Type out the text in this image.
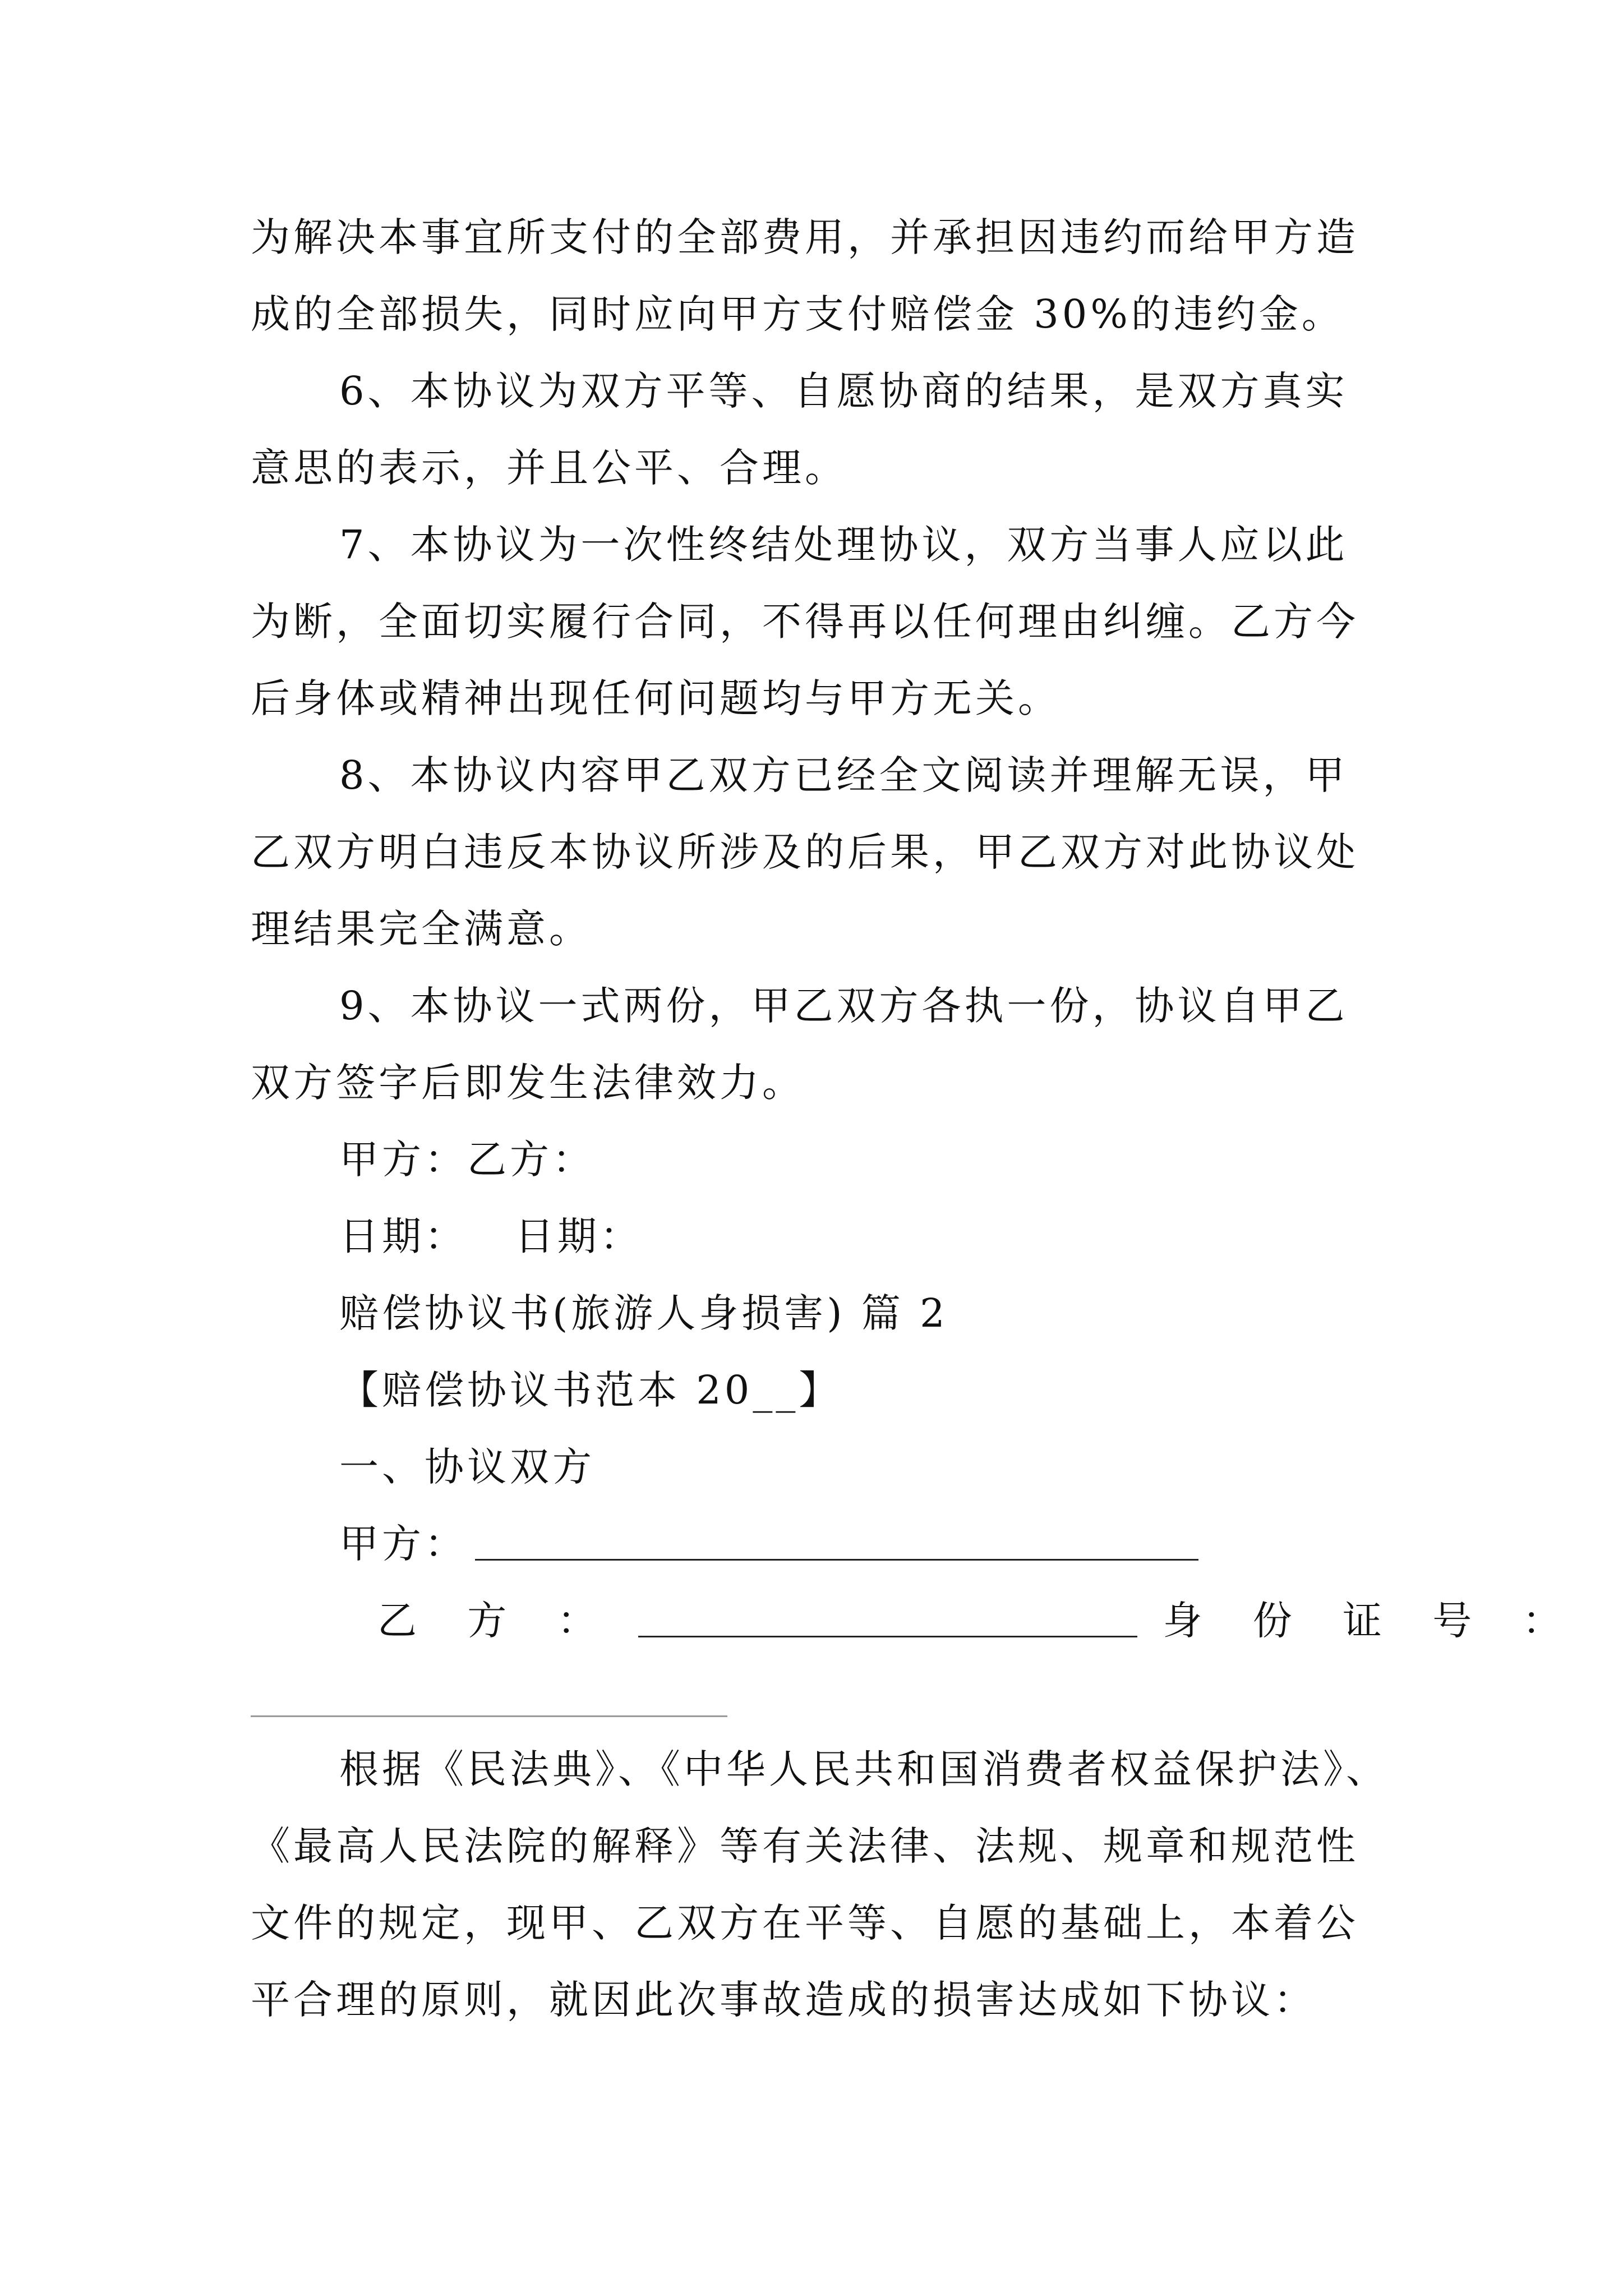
为解决本事宜所支付的全部费用，并承担因违约而给甲方造
成的全部损失，同时应向甲方支付赔偿金 30%的违约金。
6、本协议为双方平等、自愿协商的结果，是双方真实
意思的表示，并且公平、合理。
7、本协议为一次性终结处理协议，双方当事人应以此
为断，全面切实履行合同，不得再以任何理由纠缠。乙方今
后身体或精神出现任何问题均与甲方无关。
8、本协议内容甲乙双方已经全文阅读并理解无误，甲
乙双方明白违反本协议所涉及的后果，甲乙双方对此协议处
理结果完全满意。
9、本协议一式两份，甲乙双方各执一份，协议自甲乙
双方签字后即发生法律效力。
甲方：乙方：
日期：   日期：
赔偿协议书(旅游人身损害) 篇 2
【赔偿协议书范本 20__】
一、协议双方
甲方：
乙 方 ：	身 份 证 号 ：
根据《民法典》、《中华人民共和国消费者权益保护法》、
《最高人民法院的解释》等有关法律、法规、规章和规范性
文件的规定，现甲、乙双方在平等、自愿的基础上，本着公
平合理的原则，就因此次事故造成的损害达成如下协议：
